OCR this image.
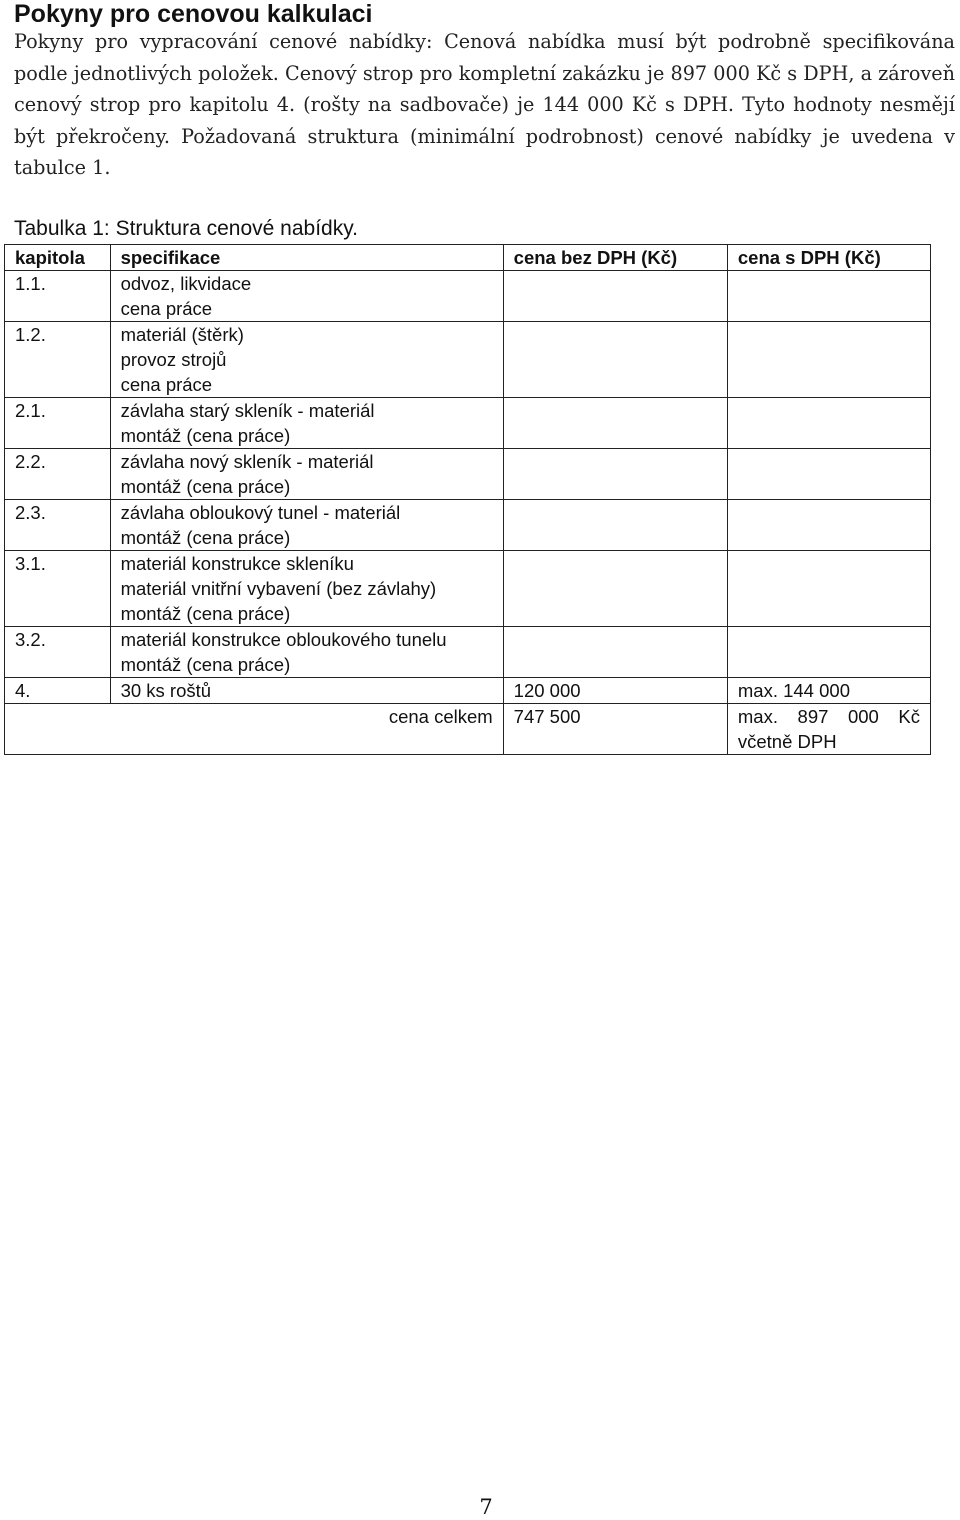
Pokyny pro cenovou kalkulaci

Pokyny pro vypracování cenové nabídky: Cenová nabídka musí být podrobně specifikována podle jednotlivých položek. Cenový strop pro kompletní zakázku je 897 000 Kč s DPH, a zároveň cenový strop pro kapitolu 4. (rošty na sadbovače) je 144 000 Kč s DPH. Tyto hodnoty nesmějí být překročeny. Požadovaná struktura (minimální podrobnost) cenové nabídky je uvedena v tabulce 1.

Tabulka 1: Struktura cenové nabídky.

kapitola	specifikace	cena bez DPH (Kč)	cena s DPH (Kč)
1.1.	odvoz, likvidace
cena práce		

1.2.	materiál (štěrk)
provoz strojů
cena práce		

2.1.	závlaha starý skleník - materiál
montáž (cena práce)		

2.2.	závlaha nový skleník - materiál
montáž (cena práce)		

2.3.	závlaha obloukový tunel - materiál
montáž (cena práce)		

3.1.	materiál konstrukce skleníku
materiál vnitřní vybavení (bez závlahy)
montáž (cena práce)		

3.2.	materiál konstrukce obloukového tunelu
montáž (cena práce)		

4.	30 ks roštů	120 000	max. 144 000
cena celkem		747 500	max. 897 000 Kč včetně DPH
7
